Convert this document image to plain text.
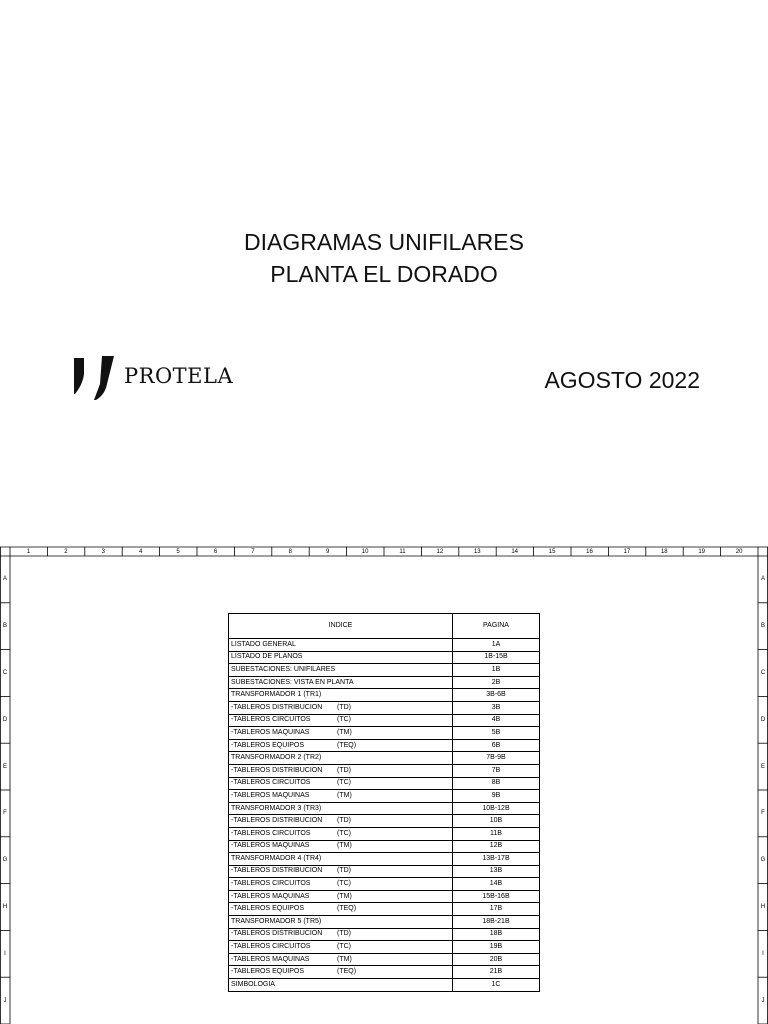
DIAGRAMAS UNIFILARES
PLANTA EL DORADO
PROTELA	AGOSTO 2022
1	2	3	4	5	6	7	8	9	10	11	12	13	14	15	16	17	18	19	20
A
B
C
D
E
F
G
H
I
J
A
B
C
D
E
F
G
H
I
J
INDICE	PAGINA
LISTADO GENERAL	1A
LISTADO DE PLANOS	1B-15B
SUBESTACIONES: UNIFILARES	1B
SUBESTACIONES: VISTA EN PLANTA	2B
TRANSFORMADOR 1 (TR1)	3B-6B
-TABLEROS DISTRIBUCION (TD)	3B
-TABLEROS CIRCUITOS (TC)	4B
-TABLEROS MAQUINAS (TM)	5B
-TABLEROS EQUIPOS (TEQ)	6B
TRANSFORMADOR 2 (TR2)	7B-9B
-TABLEROS DISTRIBUCION (TD)	7B
-TABLEROS CIRCUITOS (TC)	8B
-TABLEROS MAQUINAS (TM)	9B
TRANSFORMADOR 3 (TR3)	10B-12B
-TABLEROS DISTRIBUCION (TD)	10B
-TABLEROS CIRCUITOS (TC)	11B
-TABLEROS MAQUINAS (TM)	12B
TRANSFORMADOR 4 (TR4)	13B-17B
-TABLEROS DISTRIBUCION (TD)	13B
-TABLEROS CIRCUITOS (TC)	14B
-TABLEROS MAQUINAS (TM)	15B-16B
-TABLEROS EQUIPOS (TEQ)	17B
TRANSFORMADOR 5 (TR5)	18B-21B
-TABLEROS DISTRIBUCION (TD)	18B
-TABLEROS CIRCUITOS (TC)	19B
-TABLEROS MAQUINAS (TM)	20B
-TABLEROS EQUIPOS (TEQ)	21B
SIMBOLOGIA	1C
